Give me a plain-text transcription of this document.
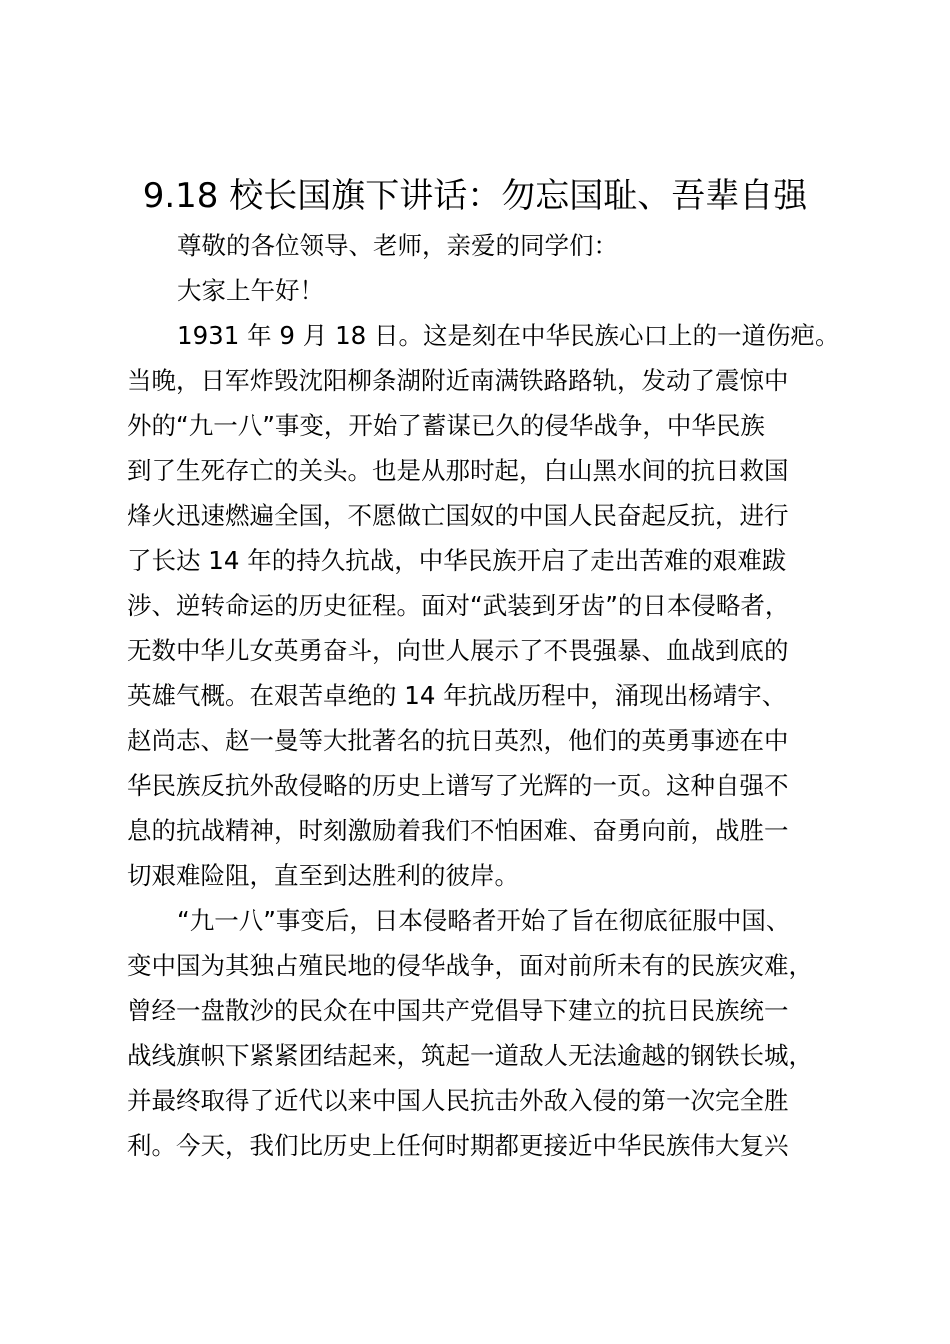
9.18 校长国旗下讲话：勿忘国耻、吾辈自强

尊敬的各位领导、老师，亲爱的同学们：

大家上午好！

1931 年 9 月 18 日。这是刻在中华民族心口上的一道伤疤。

当晚，日军炸毁沈阳柳条湖附近南满铁路路轨，发动了震惊中

外的“九一八”事变，开始了蓄谋已久的侵华战争，中华民族

到了生死存亡的关头。也是从那时起，白山黑水间的抗日救国

烽火迅速燃遍全国，不愿做亡国奴的中国人民奋起反抗，进行

了长达 14 年的持久抗战，中华民族开启了走出苦难的艰难跋

涉、逆转命运的历史征程。面对“武装到牙齿”的日本侵略者，

无数中华儿女英勇奋斗，向世人展示了不畏强暴、血战到底的

英雄气概。在艰苦卓绝的 14 年抗战历程中，涌现出杨靖宇、

赵尚志、赵一曼等大批著名的抗日英烈，他们的英勇事迹在中

华民族反抗外敌侵略的历史上谱写了光辉的一页。这种自强不

息的抗战精神，时刻激励着我们不怕困难、奋勇向前，战胜一

切艰难险阻，直至到达胜利的彼岸。

“九一八”事变后，日本侵略者开始了旨在彻底征服中国、

变中国为其独占殖民地的侵华战争，面对前所未有的民族灾难，

曾经一盘散沙的民众在中国共产党倡导下建立的抗日民族统一

战线旗帜下紧紧团结起来，筑起一道敌人无法逾越的钢铁长城，

并最终取得了近代以来中国人民抗击外敌入侵的第一次完全胜

利。今天，我们比历史上任何时期都更接近中华民族伟大复兴
